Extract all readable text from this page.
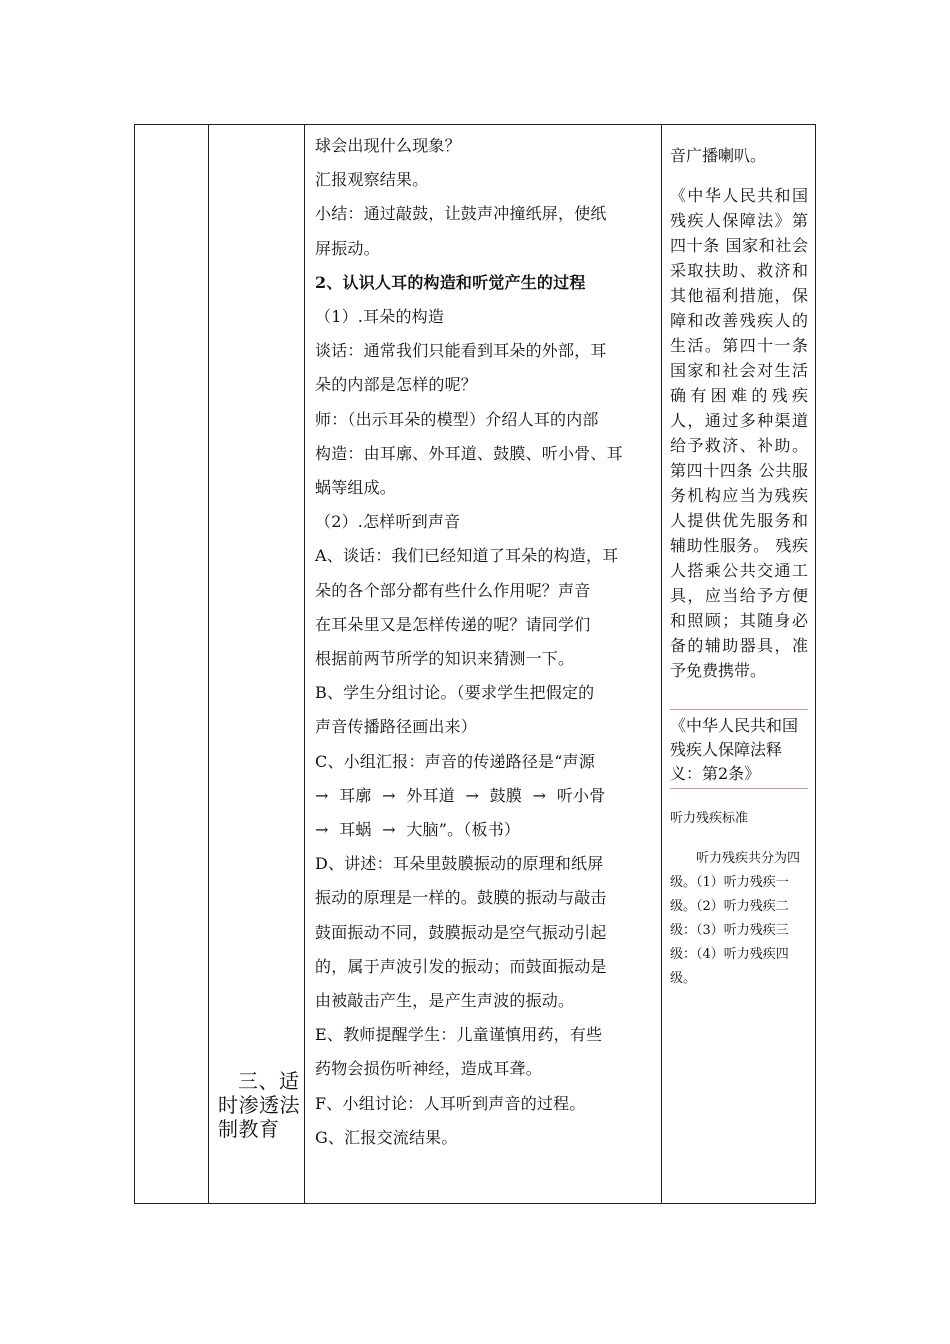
三、适时渗透法制教育

球会出现什么现象？

汇报观察结果。

小结：通过敲鼓，让鼓声冲撞纸屏，使纸

屏振动。

2、认识人耳的构造和听觉产生的过程

（1）.耳朵的构造

谈话：通常我们只能看到耳朵的外部，耳

朵的内部是怎样的呢？

师：（出示耳朵的模型）介绍人耳的内部

构造：由耳廓、外耳道、鼓膜、听小骨、耳

蜗等组成。

（2）.怎样听到声音

A、谈话：我们已经知道了耳朵的构造，耳

朵的各个部分都有些什么作用呢？声音

在耳朵里又是怎样传递的呢？请同学们

根据前两节所学的知识来猜测一下。

B、学生分组讨论。（要求学生把假定的

声音传播路径画出来）

C、小组汇报：声音的传递路径是“声源

→  耳廓  →  外耳道  →  鼓膜  →  听小骨

→  耳蜗  →  大脑”。（板书）

D、讲述：耳朵里鼓膜振动的原理和纸屏

振动的原理是一样的。鼓膜的振动与敲击

鼓面振动不同，鼓膜振动是空气振动引起

的，属于声波引发的振动；而鼓面振动是

由被敲击产生，是产生声波的振动。

E、教师提醒学生：儿童谨慎用药，有些

药物会损伤听神经，造成耳聋。

F、小组讨论：人耳听到声音的过程。

G、汇报交流结果。

音广播喇叭。

《中华人民共和国残疾人保障法》第四十条 国家和社会采取扶助、救济和其他福利措施，保障和改善残疾人的生活。第四十一条 国家和社会对生活确有困难的残疾人，通过多种渠道给予救济、补助。第四十四条 公共服务机构应当为残疾人提供优先服务和辅助性服务。 残疾人搭乘公共交通工具，应当给予方便和照顾；其随身必备的辅助器具，准予免费携带。

《中华人民共和国残疾人保障法释义：第2条》

听力残疾标准

听力残疾共分为四级。（1）听力残疾一级。（2）听力残疾二级：（3）听力残疾三级：（4）听力残疾四级。
